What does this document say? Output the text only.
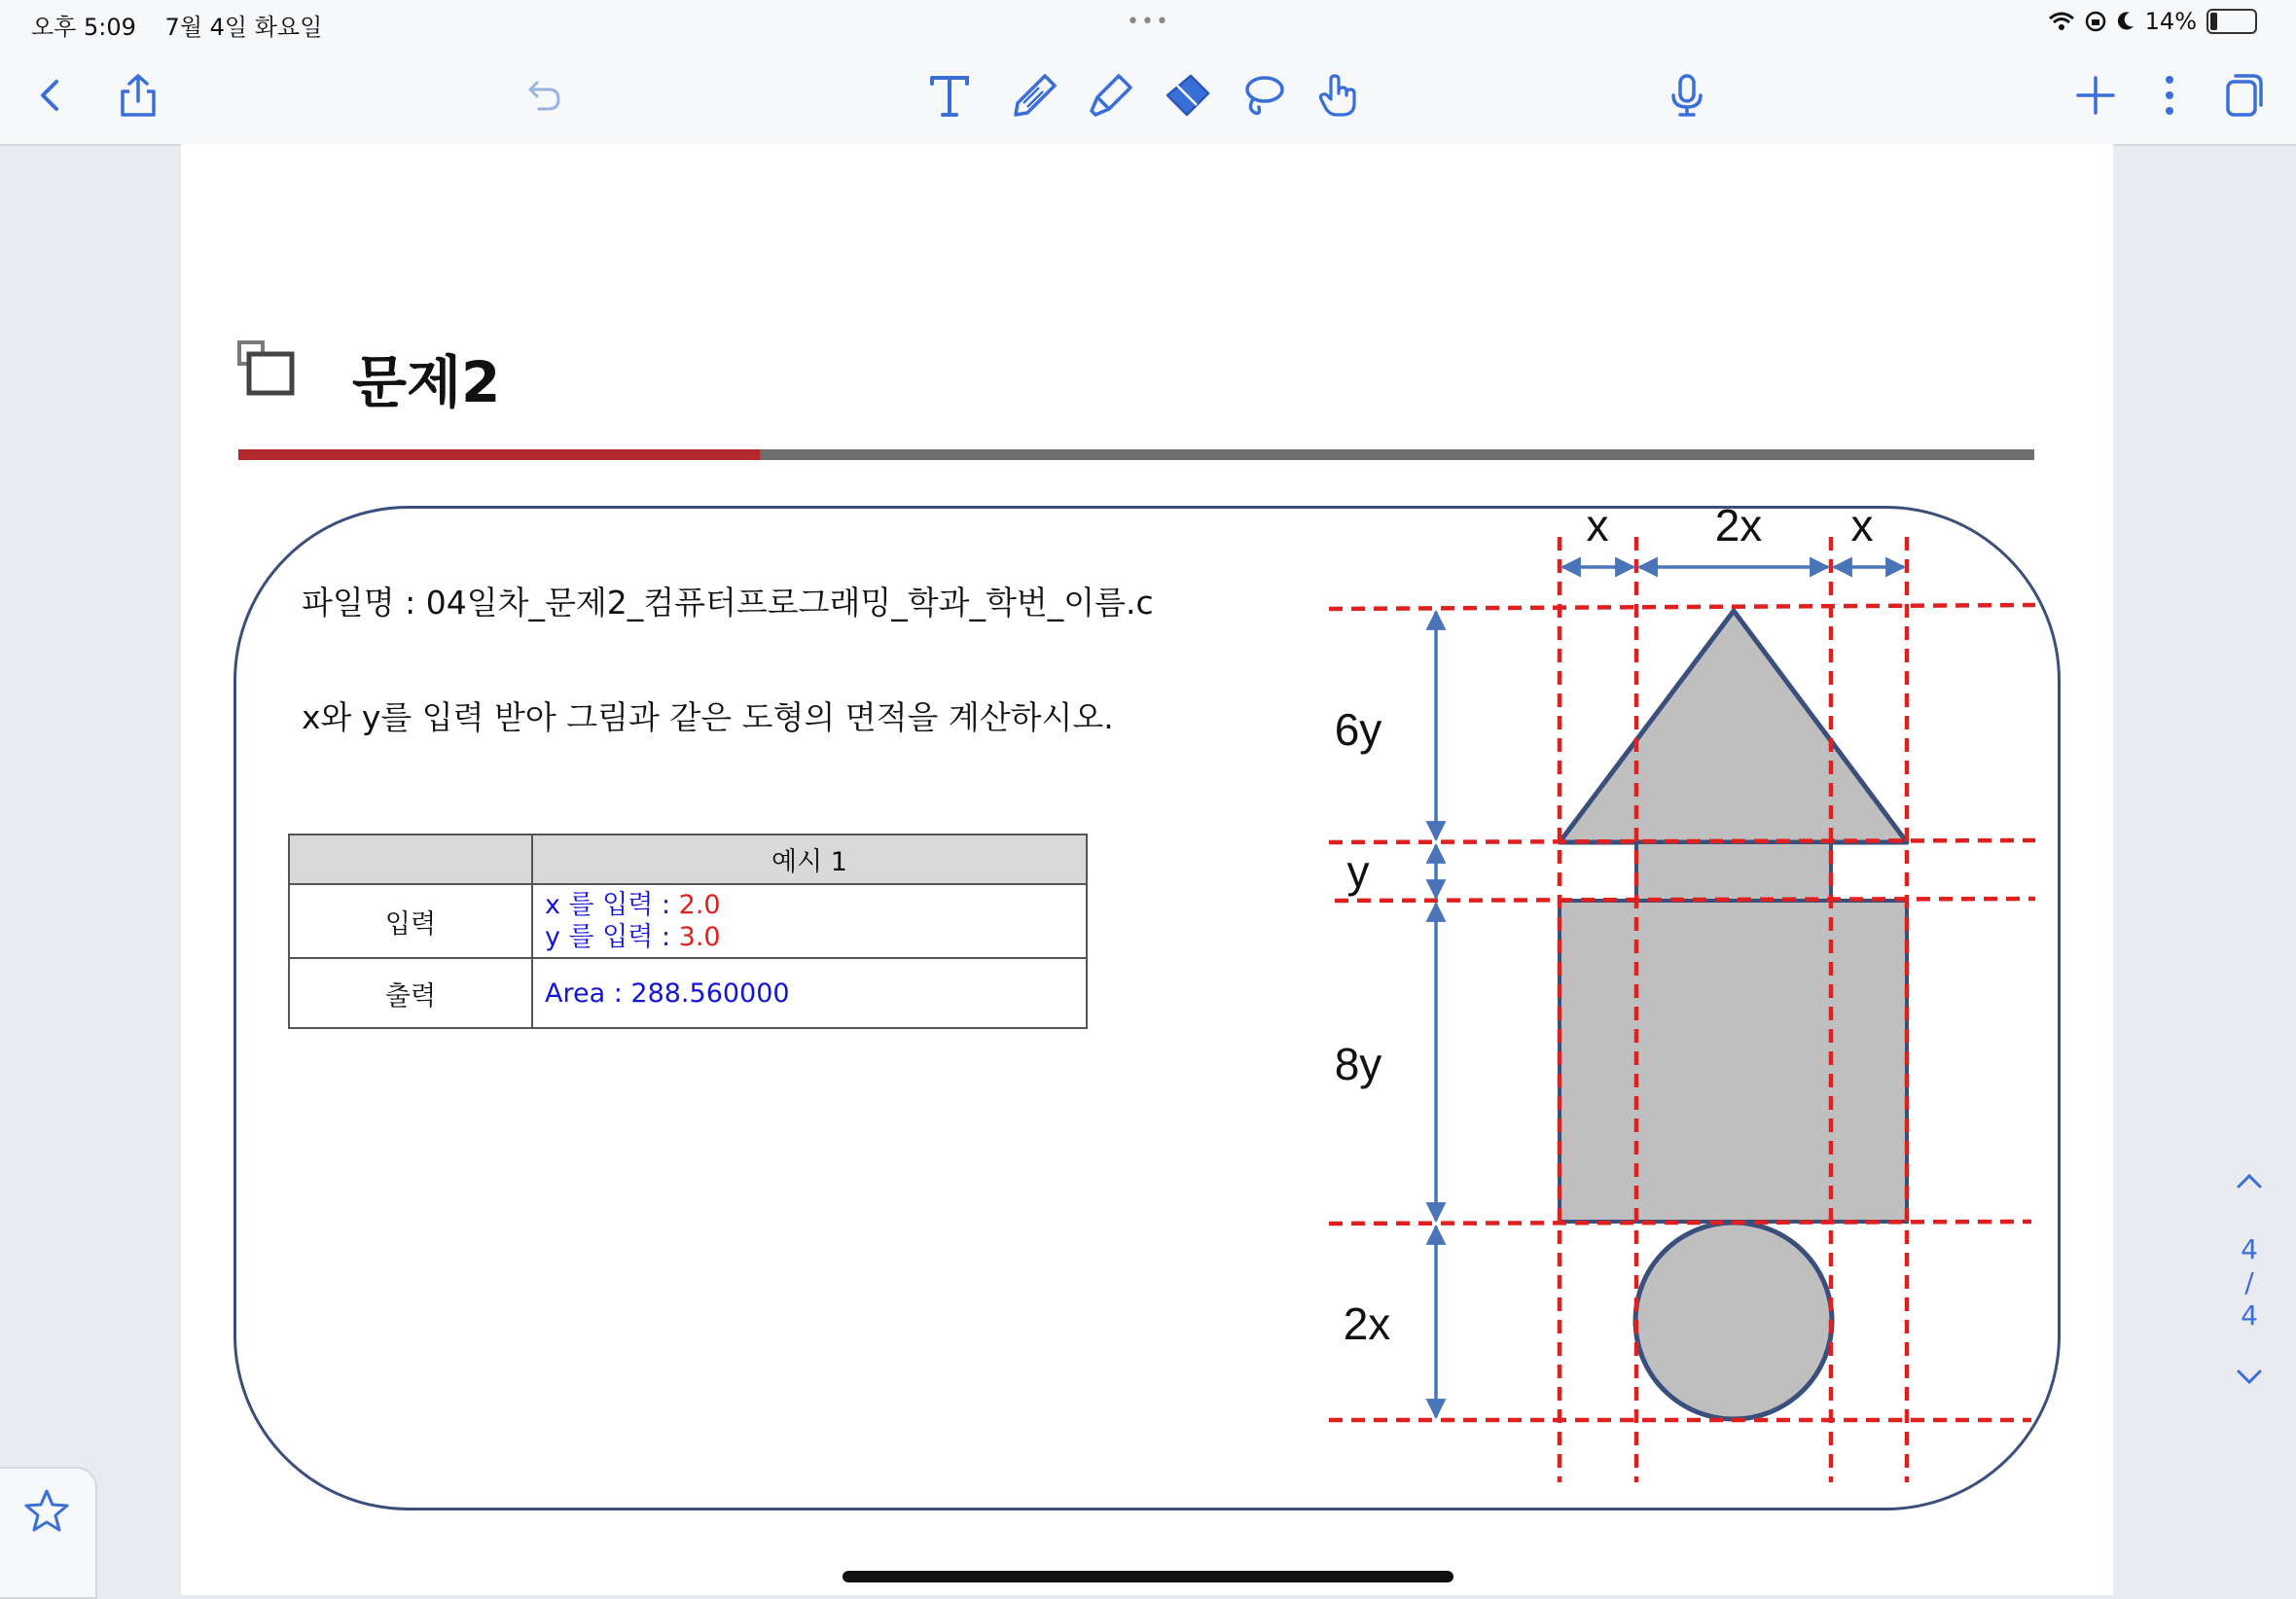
오후 5:09 7월 4일 화요일	•••	14%
문제2
파일명 : 04일차_문제2_컴퓨터프로그래밍_학과_학번_이름.c
x와 y를 입력 받아 그림과 같은 도형의 면적을 계산하시오.
	예시 1
입력	x 를 입력 : 2.0
y 를 입력 : 3.0

출력	Area : 288.560000
x 2x x
6y
y
8y
2x
4
/
4
